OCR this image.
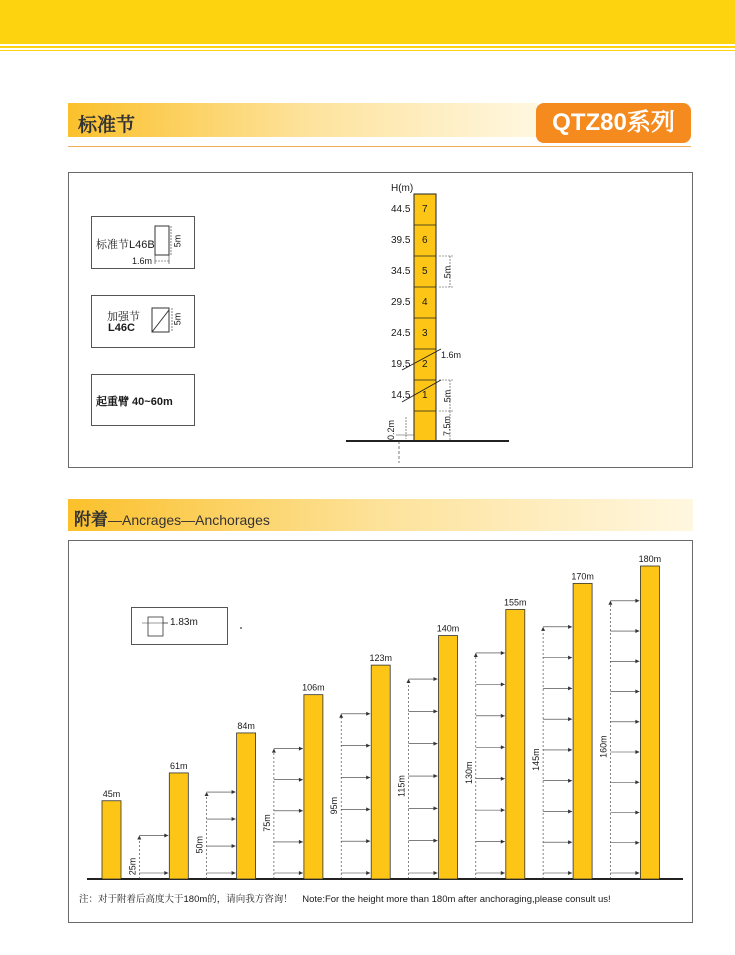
标准节	QTZ80系列
标准节L46B 5m
1.6m
加强节
L46C
5m
起重臂 40~60m
H(m)
44.5
39.5
34.5
29.5
24.5
19.5
14.5
7
6
5
4
3
2
1
5m
1.6m
5m
7.5m
0.2m
附着—Ancrages—Anchorages
1.83m
45m
61m
84m
106m
123m
140m
155m
170m
180m
25m
50m
75m
95m
115m
130m
145m
160m
注：对于附着后高度大于180m的，请向我方咨询！　Note:For the height more than 180m after anchoraging,please consult us!
